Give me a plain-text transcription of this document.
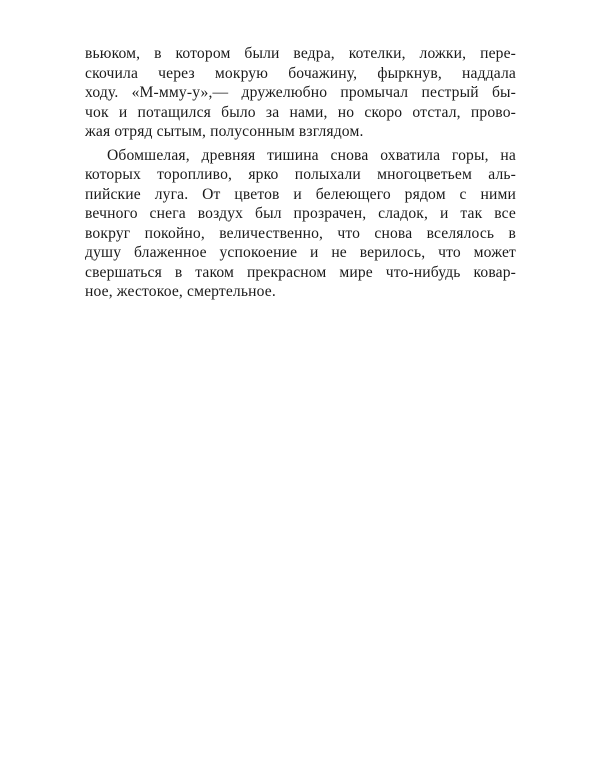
вьюком, в котором были ведра, котелки, ложки, пере-
скочила через мокрую бочажину, фыркнув, наддала
ходу. «М-мму-у»,— дружелюбно промычал пестрый бы-
чок и потащился было за нами, но скоро отстал, прово-
жая отряд сытым, полусонным взглядом.
Обомшелая, древняя тишина снова охватила горы, на
которых торопливо, ярко полыхали многоцветьем аль-
пийские луга. От цветов и белеющего рядом с ними
вечного снега воздух был прозрачен, сладок, и так все
вокруг покойно, величественно, что снова вселялось в
душу блаженное успокоение и не верилось, что может
свершаться в таком прекрасном мире что-нибудь ковар-
ное, жестокое, смертельное.
